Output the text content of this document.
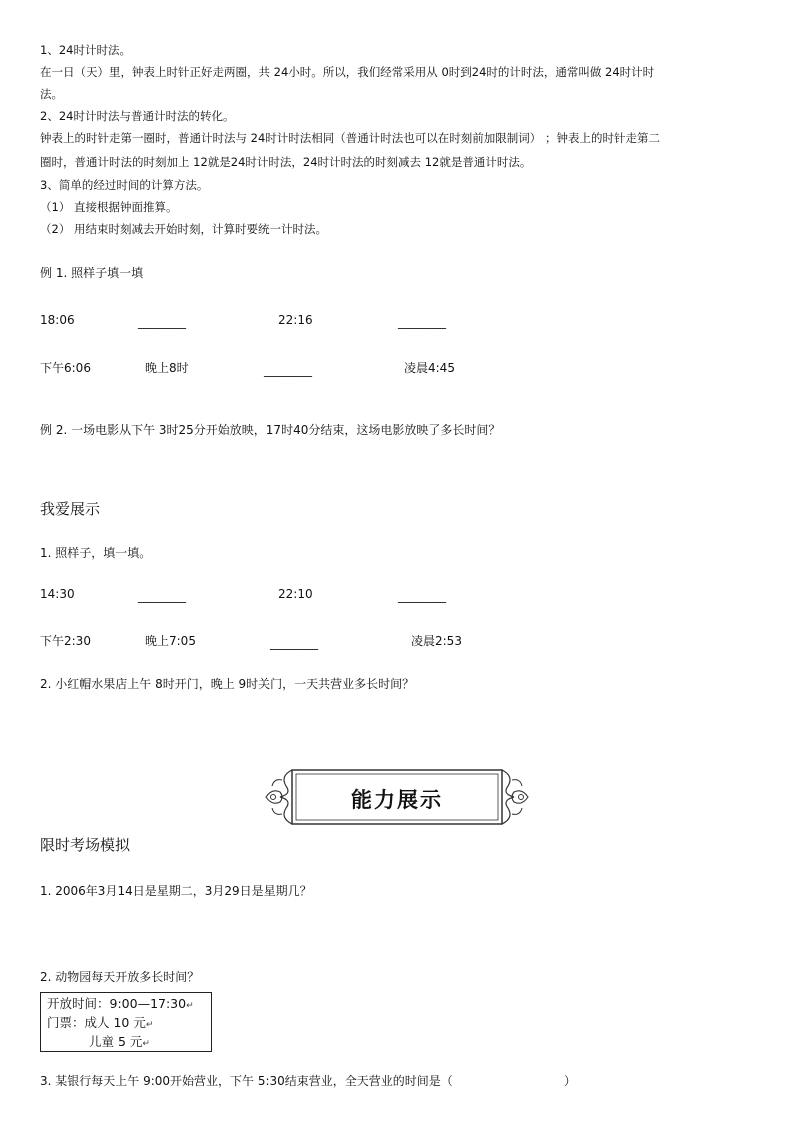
1、24时计时法。
在一日（天）里，钟表上时针正好走两圈，共 24小时。所以，我们经常采用从 0时到24时的计时法，通常叫做 24时计时
法。
2、24时计时法与普通计时法的转化。
钟表上的时针走第一圈时，普通计时法与 24时计时法相同（普通计时法也可以在时刻前加限制词） ；钟表上的时针走第二
圈时，普通计时法的时刻加上 12就是24时计时法，24时计时法的时刻减去 12就是普通计时法。
3、简单的经过时间的计算方法。
（1） 直接根据钟面推算。
（2） 用结束时刻减去开始时刻，计算时要统一计时法。
例 1. 照样子填一填
18:06	________	22:16	________
下午6:06	晚上8时	________	凌晨4:45
例 2. 一场电影从下午 3时25分开始放映，17时40分结束，这场电影放映了多长时间？
我爱展示
1. 照样子，填一填。
14:30	________	22:10	________
下午2:30	晚上7:05	________	凌晨2:53
2. 小红帽水果店上午 8时开门，晚上 9时关门，一天共营业多长时间？
能力展示
限时考场模拟
1. 2006年3月14日是星期二，3月29日是星期几？
2. 动物园每天开放多长时间？
开放时间：9:00—17:30↵
门票：成人 10 元↵
儿童 5 元↵
3. 某银行每天上午 9:00开始营业，下午 5:30结束营业，全天营业的时间是（	）
